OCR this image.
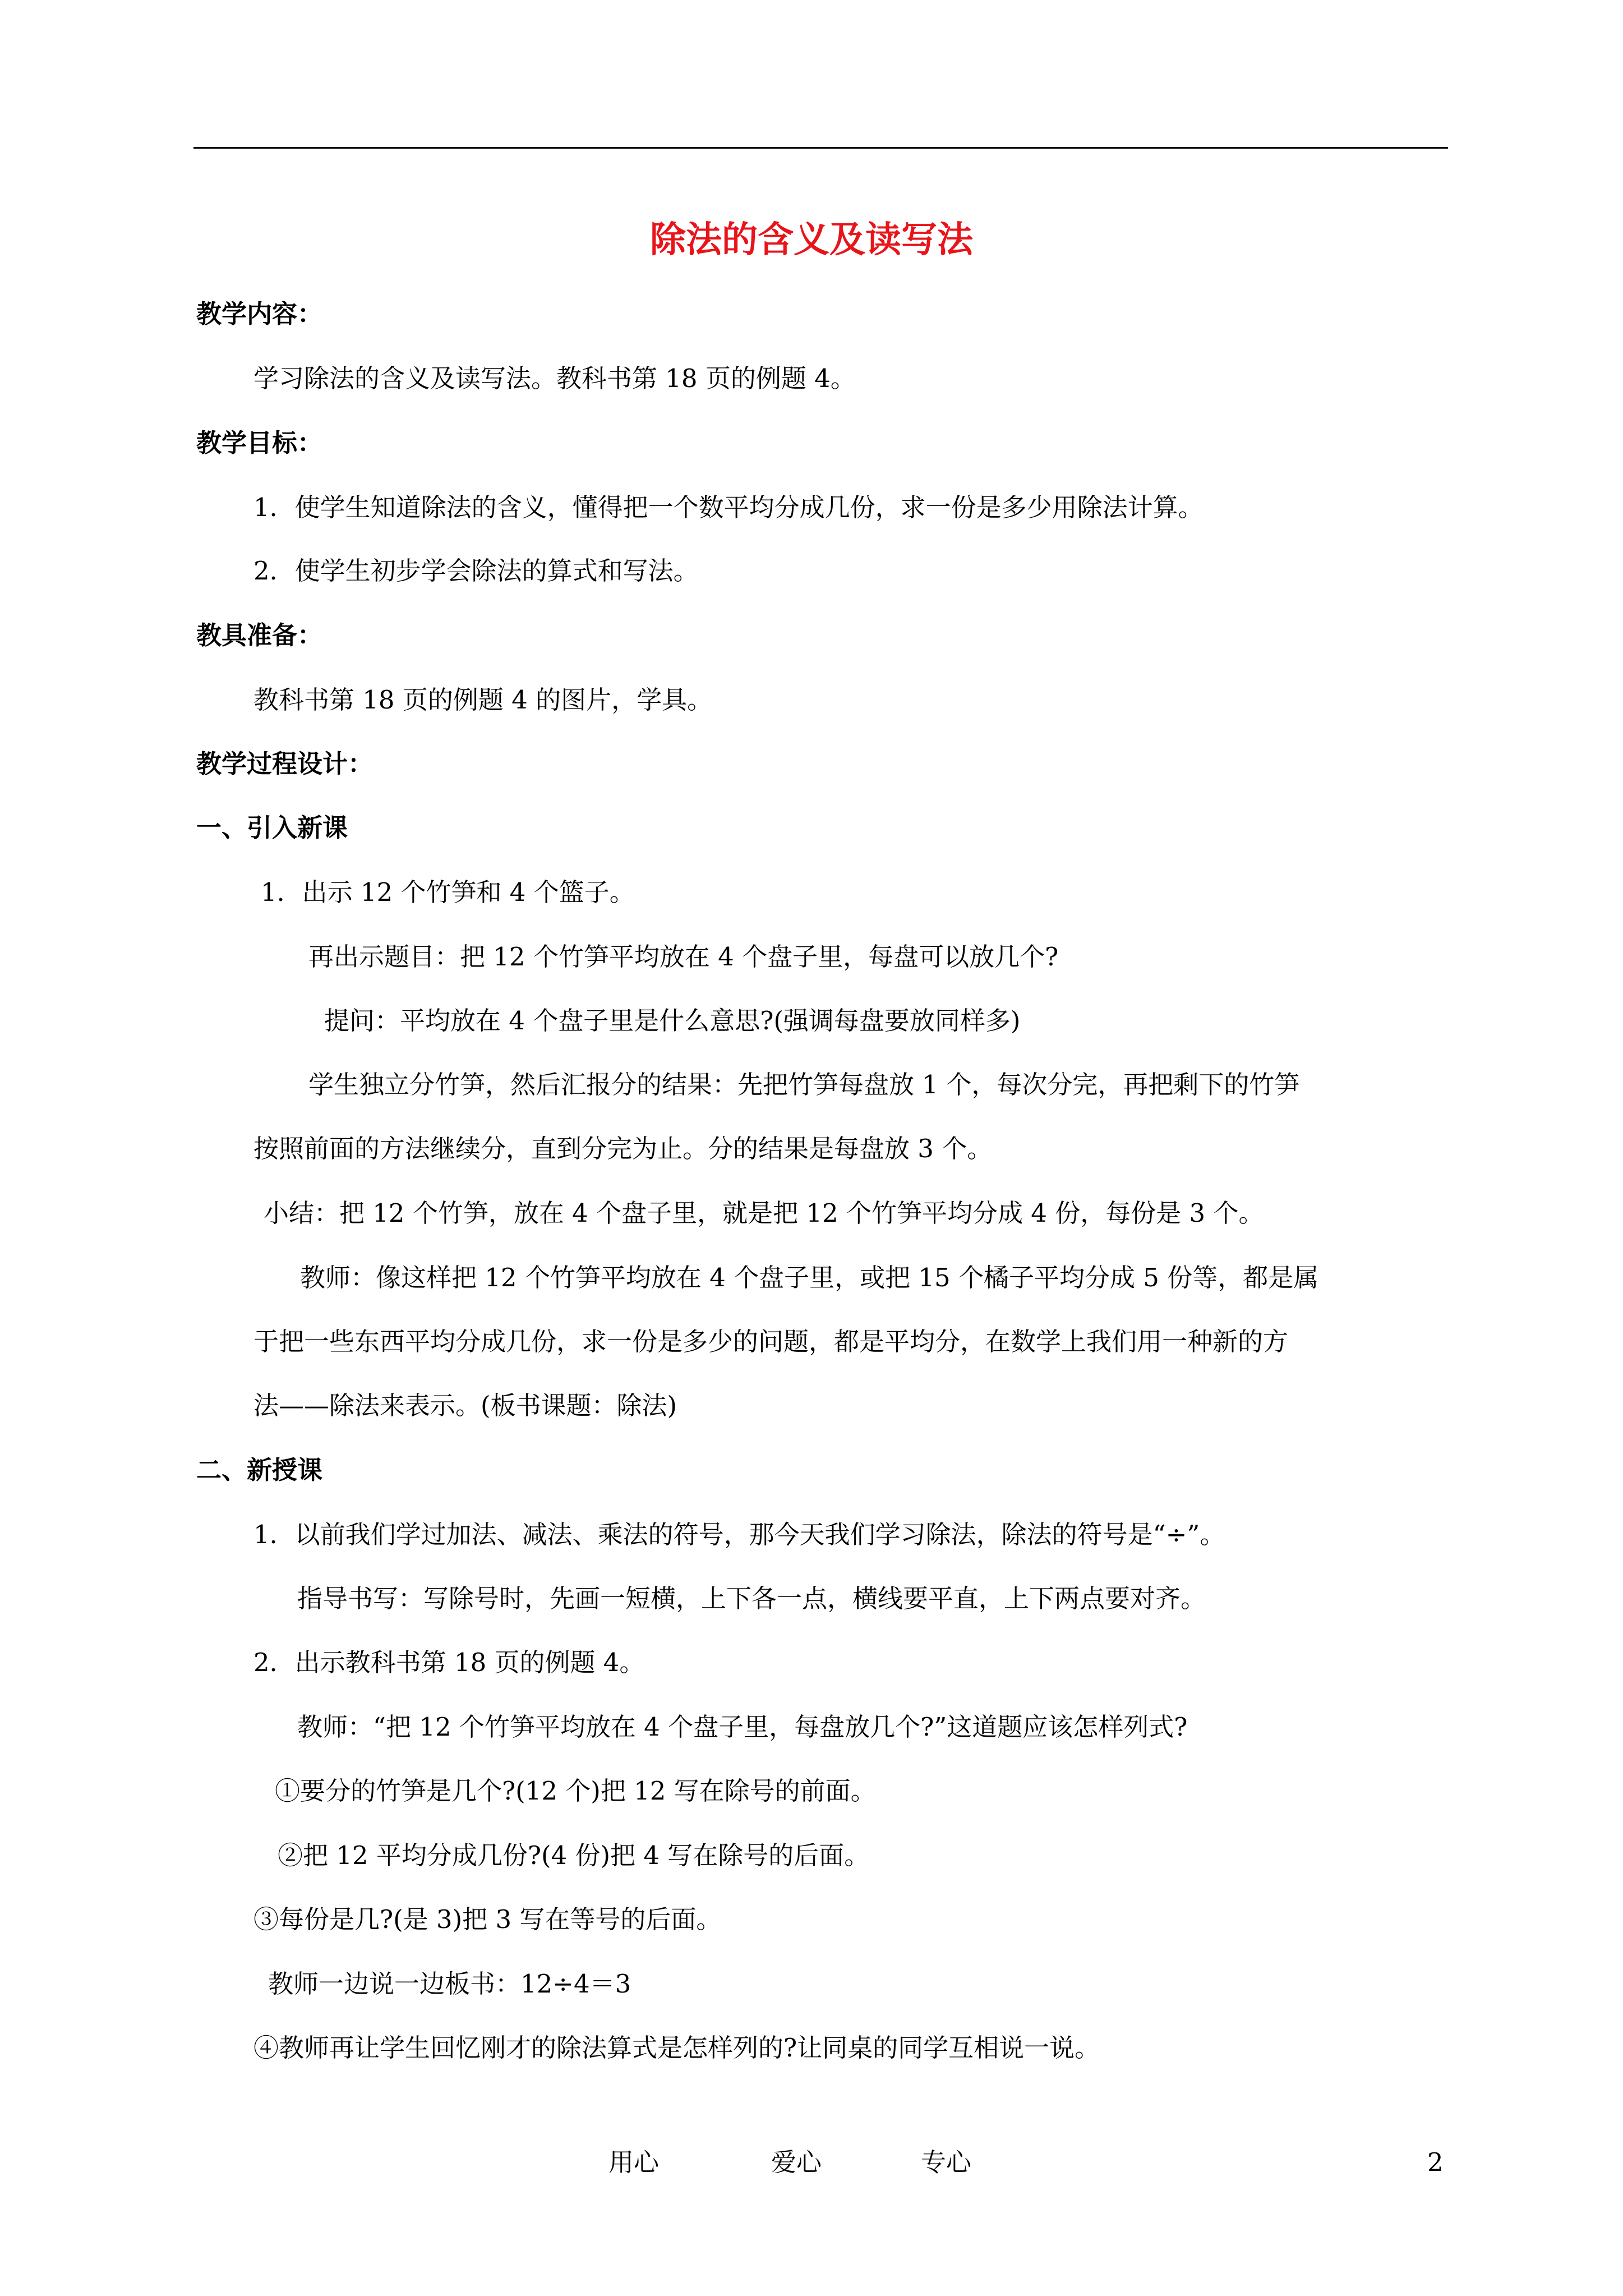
除法的含义及读写法
教学内容：
学习除法的含义及读写法。教科书第 18 页的例题 4。
教学目标：
1．使学生知道除法的含义，懂得把一个数平均分成几份，求一份是多少用除法计算。
2．使学生初步学会除法的算式和写法。
教具准备：
教科书第 18 页的例题 4 的图片，学具。
教学过程设计：
一、引入新课
1．出示 12 个竹笋和 4 个篮子。
再出示题目：把 12 个竹笋平均放在 4 个盘子里，每盘可以放几个?
提问：平均放在 4 个盘子里是什么意思?(强调每盘要放同样多)
学生独立分竹笋，然后汇报分的结果：先把竹笋每盘放 1 个，每次分完，再把剩下的竹笋
按照前面的方法继续分，直到分完为止。分的结果是每盘放 3 个。
小结：把 12 个竹笋，放在 4 个盘子里，就是把 12 个竹笋平均分成 4 份，每份是 3 个。
教师：像这样把 12 个竹笋平均放在 4 个盘子里，或把 15 个橘子平均分成 5 份等，都是属
于把一些东西平均分成几份，求一份是多少的问题，都是平均分，在数学上我们用一种新的方
法——除法来表示。(板书课题：除法)
二、新授课
1．以前我们学过加法、减法、乘法的符号，那今天我们学习除法，除法的符号是“÷”。
指导书写：写除号时，先画一短横，上下各一点，横线要平直，上下两点要对齐。
2．出示教科书第 18 页的例题 4。
教师：“把 12 个竹笋平均放在 4 个盘子里，每盘放几个?”这道题应该怎样列式?
①要分的竹笋是几个?(12 个)把 12 写在除号的前面。
②把 12 平均分成几份?(4 份)把 4 写在除号的后面。
③每份是几?(是 3)把 3 写在等号的后面。
教师一边说一边板书：12÷4＝3
④教师再让学生回忆刚才的除法算式是怎样列的?让同桌的同学互相说一说。
用心	爱心	专心	2
